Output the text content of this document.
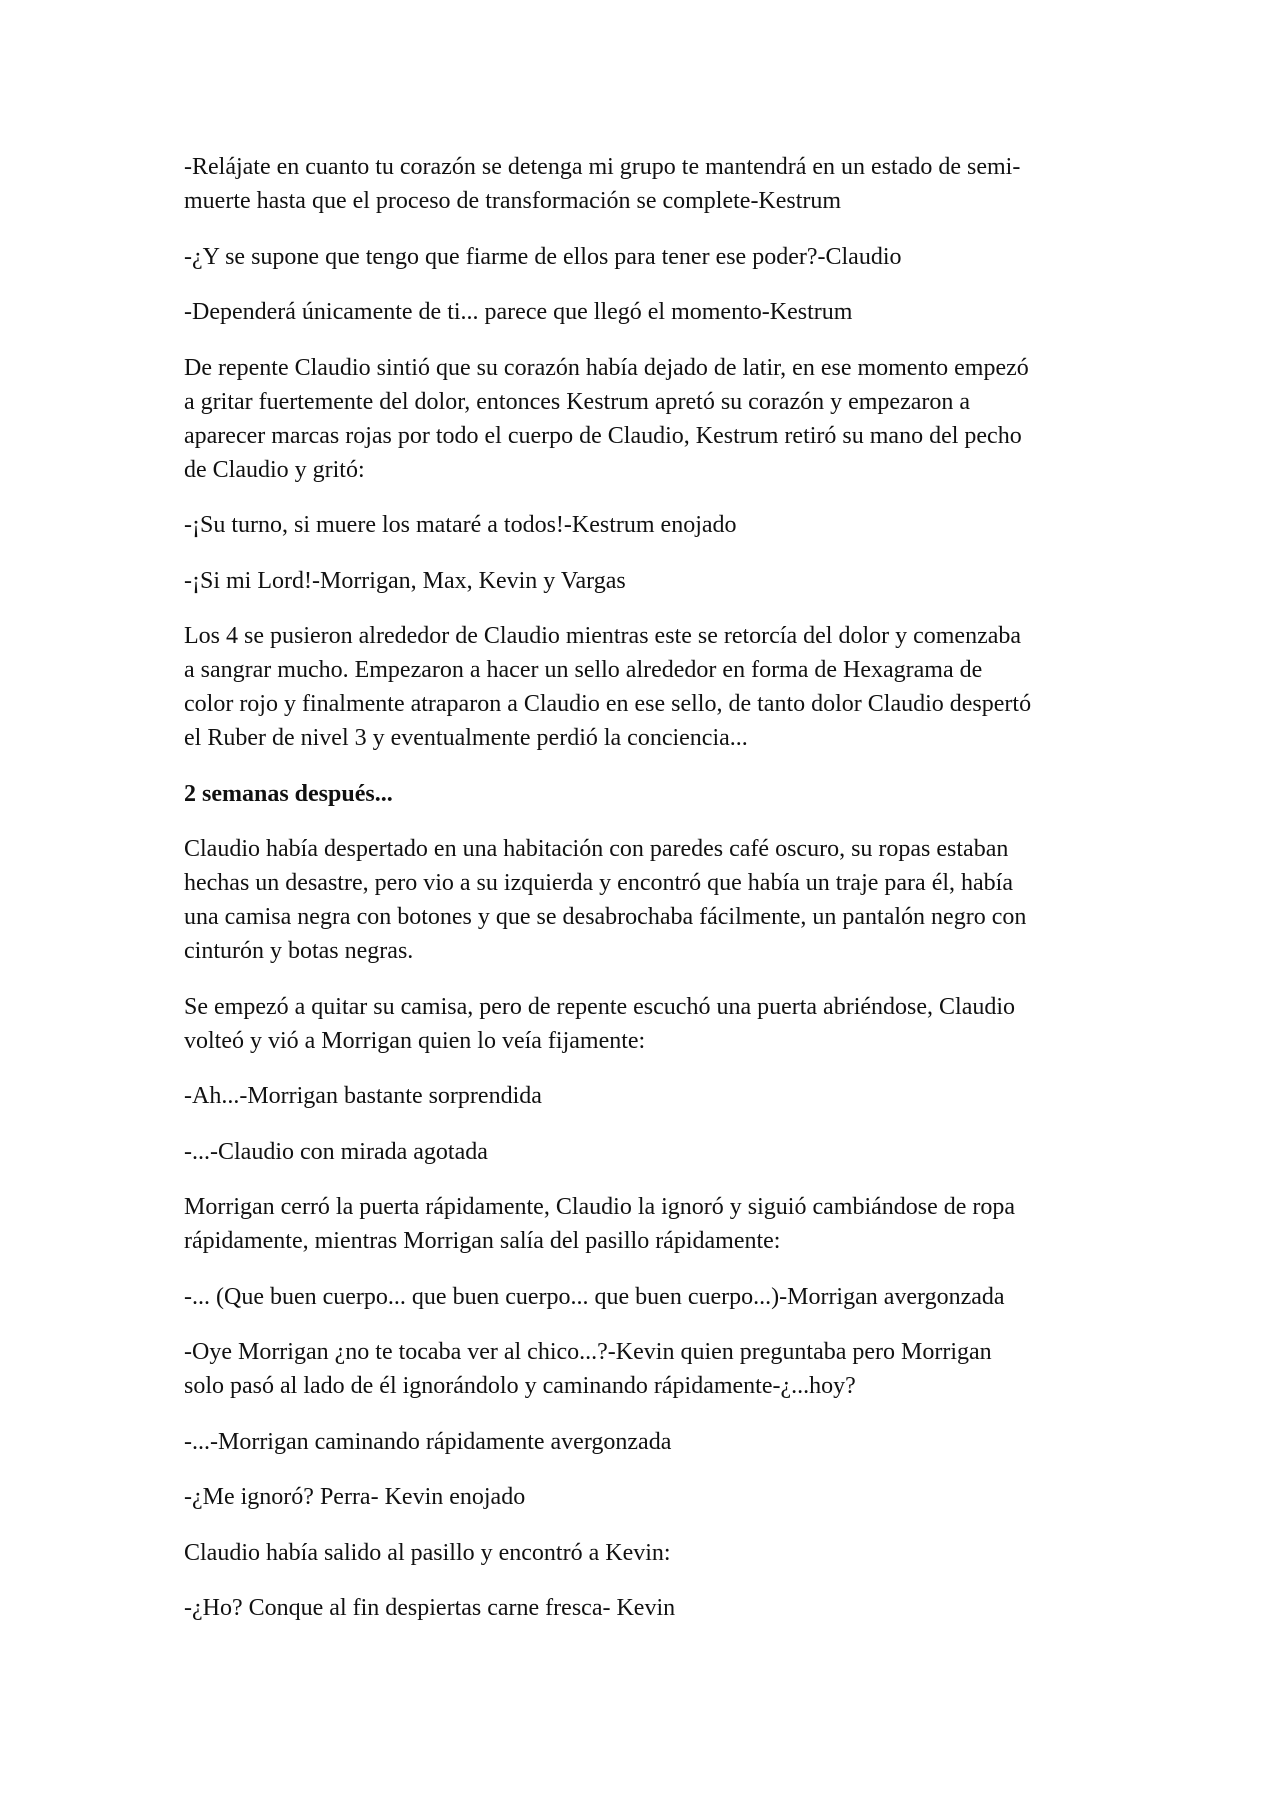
-Relájate en cuanto tu corazón se detenga mi grupo te mantendrá en un estado de semi-
muerte hasta que el proceso de transformación se complete-Kestrum
-¿Y se supone que tengo que fiarme de ellos para tener ese poder?-Claudio
-Dependerá únicamente de ti... parece que llegó el momento-Kestrum
De repente Claudio sintió que su corazón había dejado de latir, en ese momento empezó
a gritar fuertemente del dolor, entonces Kestrum apretó su corazón y empezaron a
aparecer marcas rojas por todo el cuerpo de Claudio, Kestrum retiró su mano del pecho
de Claudio y gritó:
-¡Su turno, si muere los mataré a todos!-Kestrum enojado
-¡Si mi Lord!-Morrigan, Max, Kevin y Vargas
Los 4 se pusieron alrededor de Claudio mientras este se retorcía del dolor y comenzaba
a sangrar mucho. Empezaron a hacer un sello alrededor en forma de Hexagrama de
color rojo y finalmente atraparon a Claudio en ese sello, de tanto dolor Claudio despertó
el Ruber de nivel 3 y eventualmente perdió la conciencia...
2 semanas después...
Claudio había despertado en una habitación con paredes café oscuro, su ropas estaban
hechas un desastre, pero vio a su izquierda y encontró que había un traje para él, había
una camisa negra con botones y que se desabrochaba fácilmente, un pantalón negro con
cinturón y botas negras.
Se empezó a quitar su camisa, pero de repente escuchó una puerta abriéndose, Claudio
volteó y vió a Morrigan quien lo veía fijamente:
-Ah...-Morrigan bastante sorprendida
-...-Claudio con mirada agotada
Morrigan cerró la puerta rápidamente, Claudio la ignoró y siguió cambiándose de ropa
rápidamente, mientras Morrigan salía del pasillo rápidamente:
-... (Que buen cuerpo... que buen cuerpo... que buen cuerpo...)-Morrigan avergonzada
-Oye Morrigan ¿no te tocaba ver al chico...?-Kevin quien preguntaba pero Morrigan
solo pasó al lado de él ignorándolo y caminando rápidamente-¿...hoy?
-...-Morrigan caminando rápidamente avergonzada
-¿Me ignoró? Perra- Kevin enojado
Claudio había salido al pasillo y encontró a Kevin:
-¿Ho? Conque al fin despiertas carne fresca- Kevin
